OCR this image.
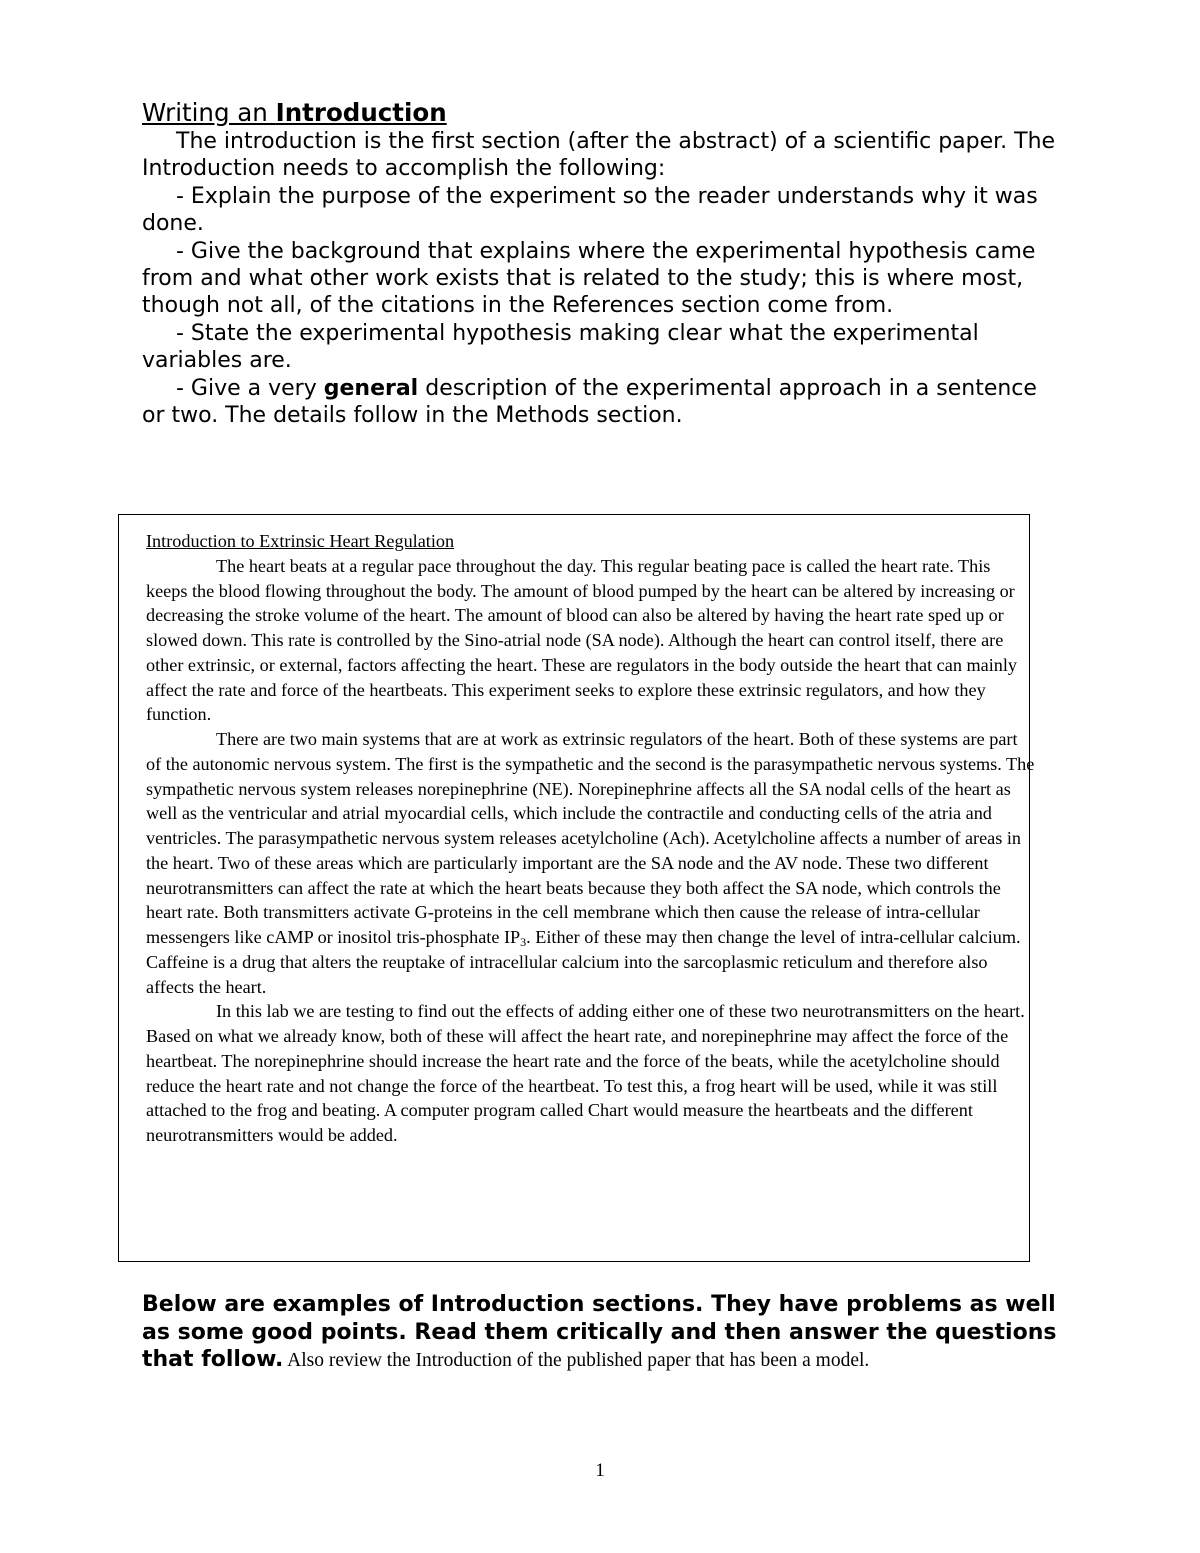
Writing an Introduction

The introduction is the first section (after the abstract) of a scientific paper. The Introduction needs to accomplish the following:

- Explain the purpose of the experiment so the reader understands why it was done.

- Give the background that explains where the experimental hypothesis came from and what other work exists that is related to the study; this is where most, though not all, of the citations in the References section come from.

- State the experimental hypothesis making clear what the experimental variables are.

- Give a very general description of the experimental approach in a sentence or two. The details follow in the Methods section.

Introduction to Extrinsic Heart Regulation

The heart beats at a regular pace throughout the day. This regular beating pace is called the heart rate. This keeps the blood flowing throughout the body. The amount of blood pumped by the heart can be altered by increasing or decreasing the stroke volume of the heart. The amount of blood can also be altered by having the heart rate sped up or slowed down. This rate is controlled by the Sino-atrial node (SA node). Although the heart can control itself, there are other extrinsic, or external, factors affecting the heart. These are regulators in the body outside the heart that can mainly affect the rate and force of the heartbeats. This experiment seeks to explore these extrinsic regulators, and how they function.

There are two main systems that are at work as extrinsic regulators of the heart. Both of these systems are part of the autonomic nervous system. The first is the sympathetic and the second is the parasympathetic nervous systems. The sympathetic nervous system releases norepinephrine (NE). Norepinephrine affects all the SA nodal cells of the heart as well as the ventricular and atrial myocardial cells, which include the contractile and conducting cells of the atria and ventricles. The parasympathetic nervous system releases acetylcholine (Ach). Acetylcholine affects a number of areas in the heart. Two of these areas which are particularly important are the SA node and the AV node. These two different neurotransmitters can affect the rate at which the heart beats because they both affect the SA node, which controls the heart rate. Both transmitters activate G-proteins in the cell membrane which then cause the release of intra-cellular messengers like cAMP or inositol tris-phosphate $IP_3$. Either of these may then change the level of intra-cellular calcium. Caffeine is a drug that alters the reuptake of intracellular calcium into the sarcoplasmic reticulum and therefore also affects the heart.

In this lab we are testing to find out the effects of adding either one of these two neurotransmitters on the heart. Based on what we already know, both of these will affect the heart rate, and norepinephrine may affect the force of the heartbeat. The norepinephrine should increase the heart rate and the force of the beats, while the acetylcholine should reduce the heart rate and not change the force of the heartbeat. To test this, a frog heart will be used, while it was still attached to the frog and beating. A computer program called Chart would measure the heartbeats and the different neurotransmitters would be added.

Below are examples of Introduction sections. They have problems as well as some good points. Read them critically and then answer the questions that follow. Also review the Introduction of the published paper that has been a model.

1
